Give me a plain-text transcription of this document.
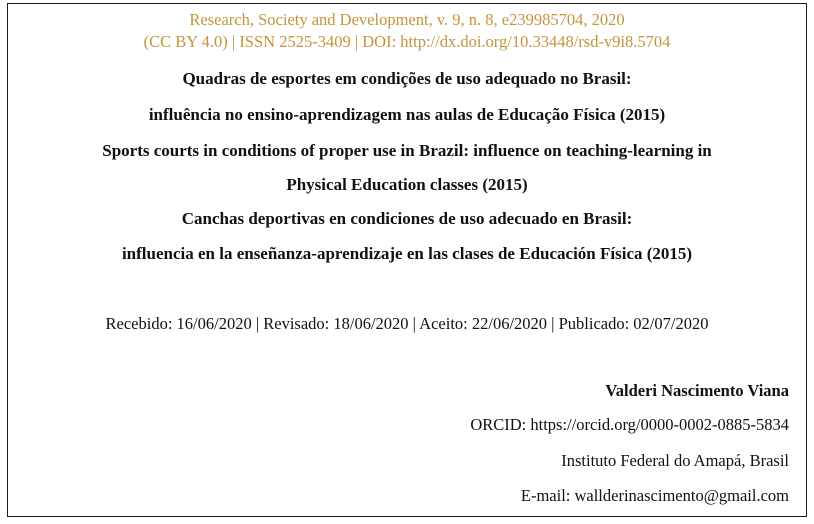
Research, Society and Development, v. 9, n. 8, e239985704, 2020
(CC BY 4.0) | ISSN 2525-3409 | DOI: http://dx.doi.org/10.33448/rsd-v9i8.5704
Quadras de esportes em condições de uso adequado no Brasil:
influência no ensino-aprendizagem nas aulas de Educação Física (2015)
Sports courts in conditions of proper use in Brazil: influence on teaching-learning in
Physical Education classes (2015)
Canchas deportivas en condiciones de uso adecuado en Brasil:
influencia en la enseñanza-aprendizaje en las clases de Educación Física (2015)
Recebido: 16/06/2020 | Revisado: 18/06/2020 | Aceito: 22/06/2020 | Publicado: 02/07/2020
Valderi Nascimento Viana
ORCID: https://orcid.org/0000-0002-0885-5834
Instituto Federal do Amapá, Brasil
E-mail: wallderinascimento@gmail.com
